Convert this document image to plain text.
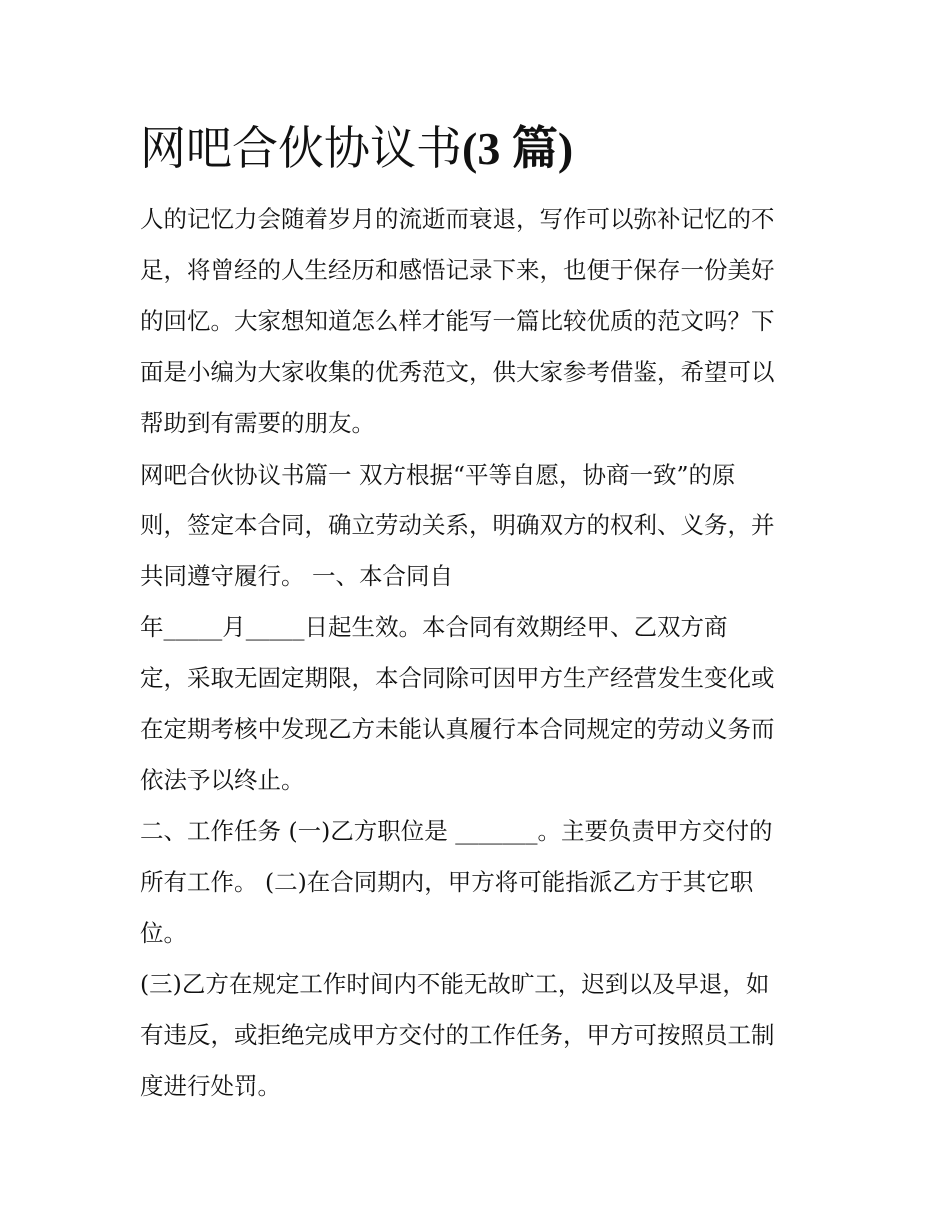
网吧合伙协议书(3 篇)

人的记忆力会随着岁月的流逝而衰退，写作可以弥补记忆的不

足，将曾经的人生经历和感悟记录下来，也便于保存一份美好

的回忆。大家想知道怎么样才能写一篇比较优质的范文吗？下

面是小编为大家收集的优秀范文，供大家参考借鉴，希望可以

帮助到有需要的朋友。

网吧合伙协议书篇一 双方根据“平等自愿，协商一致”的原

则，签定本合同，确立劳动关系，明确双方的权利、义务，并

共同遵守履行。 一、本合同自

年_____月_____日起生效。本合同有效期经甲、乙双方商

定，采取无固定期限，本合同除可因甲方生产经营发生变化或

在定期考核中发现乙方未能认真履行本合同规定的劳动义务而

依法予以终止。

二、工作任务 (一)乙方职位是 _______。主要负责甲方交付的

所有工作。 (二)在合同期内，甲方将可能指派乙方于其它职

位。

(三)乙方在规定工作时间内不能无故旷工，迟到以及早退，如

有违反，或拒绝完成甲方交付的工作任务，甲方可按照员工制

度进行处罚。
